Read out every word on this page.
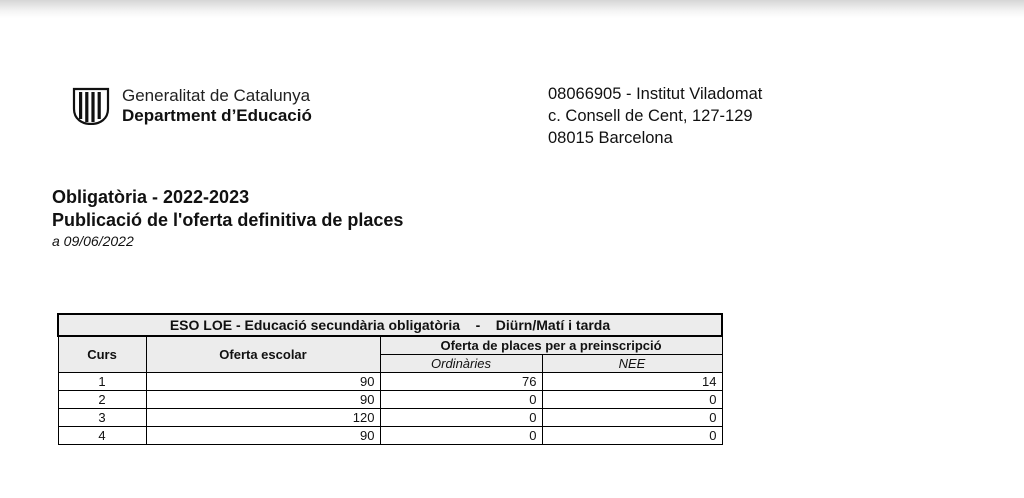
Generalitat de Catalunya
Department d’Educació
08066905 - Institut Viladomat
c. Consell de Cent, 127-129
08015 Barcelona
Obligatòria - 2022-2023
Publicació de l'oferta definitiva de places
a 09/06/2022
ESO LOE - Educació secundària obligatòria    -    Diürn/Matí i tarda			
Curs	Oferta escolar	Oferta de places per a preinscripció	
		Ordinàries	NEE
1	90	76	14
2	90	0	0
3	120	0	0
4	90	0	0
